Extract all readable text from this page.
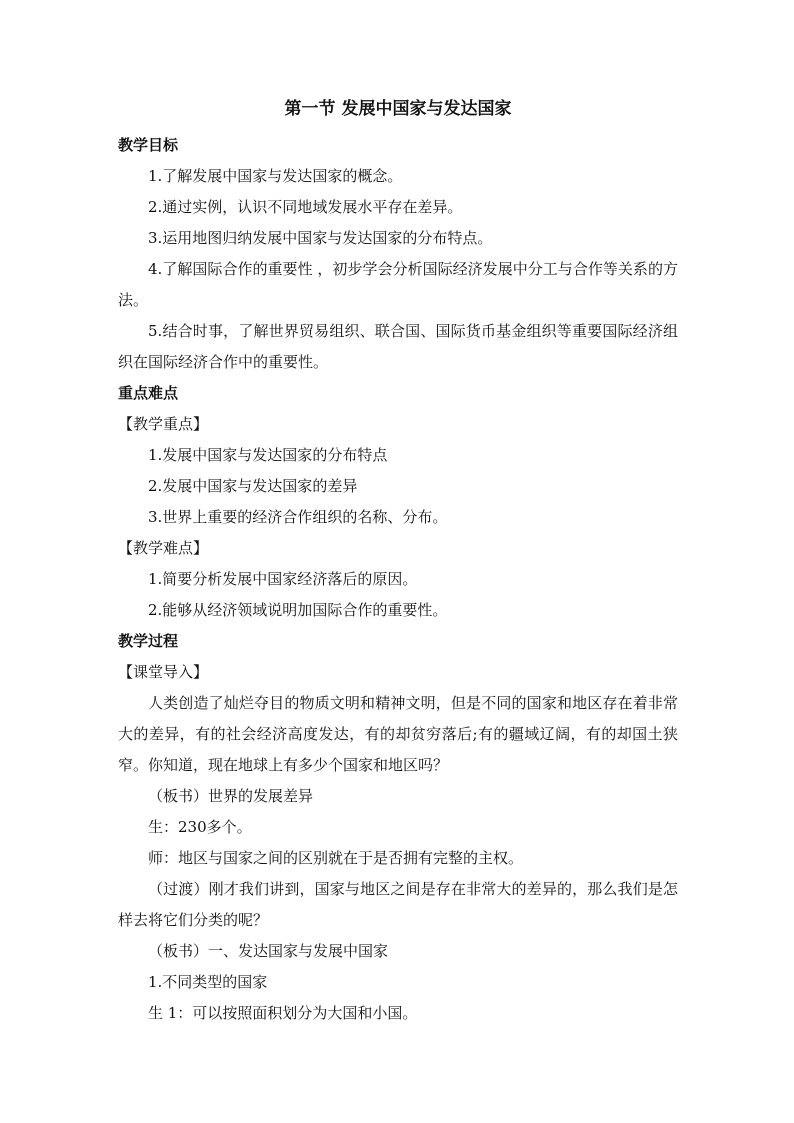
第一节 发展中国家与发达国家

教学目标

1.了解发展中国家与发达国家的概念。

2.通过实例，认识不同地域发展水平存在差异。

3.运用地图归纳发展中国家与发达国家的分布特点。

4.了解国际合作的重要性 ，初步学会分析国际经济发展中分工与合作等关系的方法。

5.结合时事，了解世界贸易组织、联合国、国际货币基金组织等重要国际经济组织在国际经济合作中的重要性。

重点难点

【教学重点】

1.发展中国家与发达国家的分布特点

2.发展中国家与发达国家的差异

3.世界上重要的经济合作组织的名称、分布。

【教学难点】

1.简要分析发展中国家经济落后的原因。

2.能够从经济领域说明加国际合作的重要性。

教学过程

【课堂导入】

人类创造了灿烂夺目的物质文明和精神文明，但是不同的国家和地区存在着非常大的差异，有的社会经济高度发达，有的却贫穷落后;有的疆域辽阔，有的却国土狭窄。你知道，现在地球上有多少个国家和地区吗？

（板书）世界的发展差异

生：230多个。

师：地区与国家之间的区别就在于是否拥有完整的主权。

（过渡）刚才我们讲到，国家与地区之间是存在非常大的差异的，那么我们是怎样去将它们分类的呢？

（板书）一、发达国家与发展中国家

1.不同类型的国家

生 1：可以按照面积划分为大国和小国。
